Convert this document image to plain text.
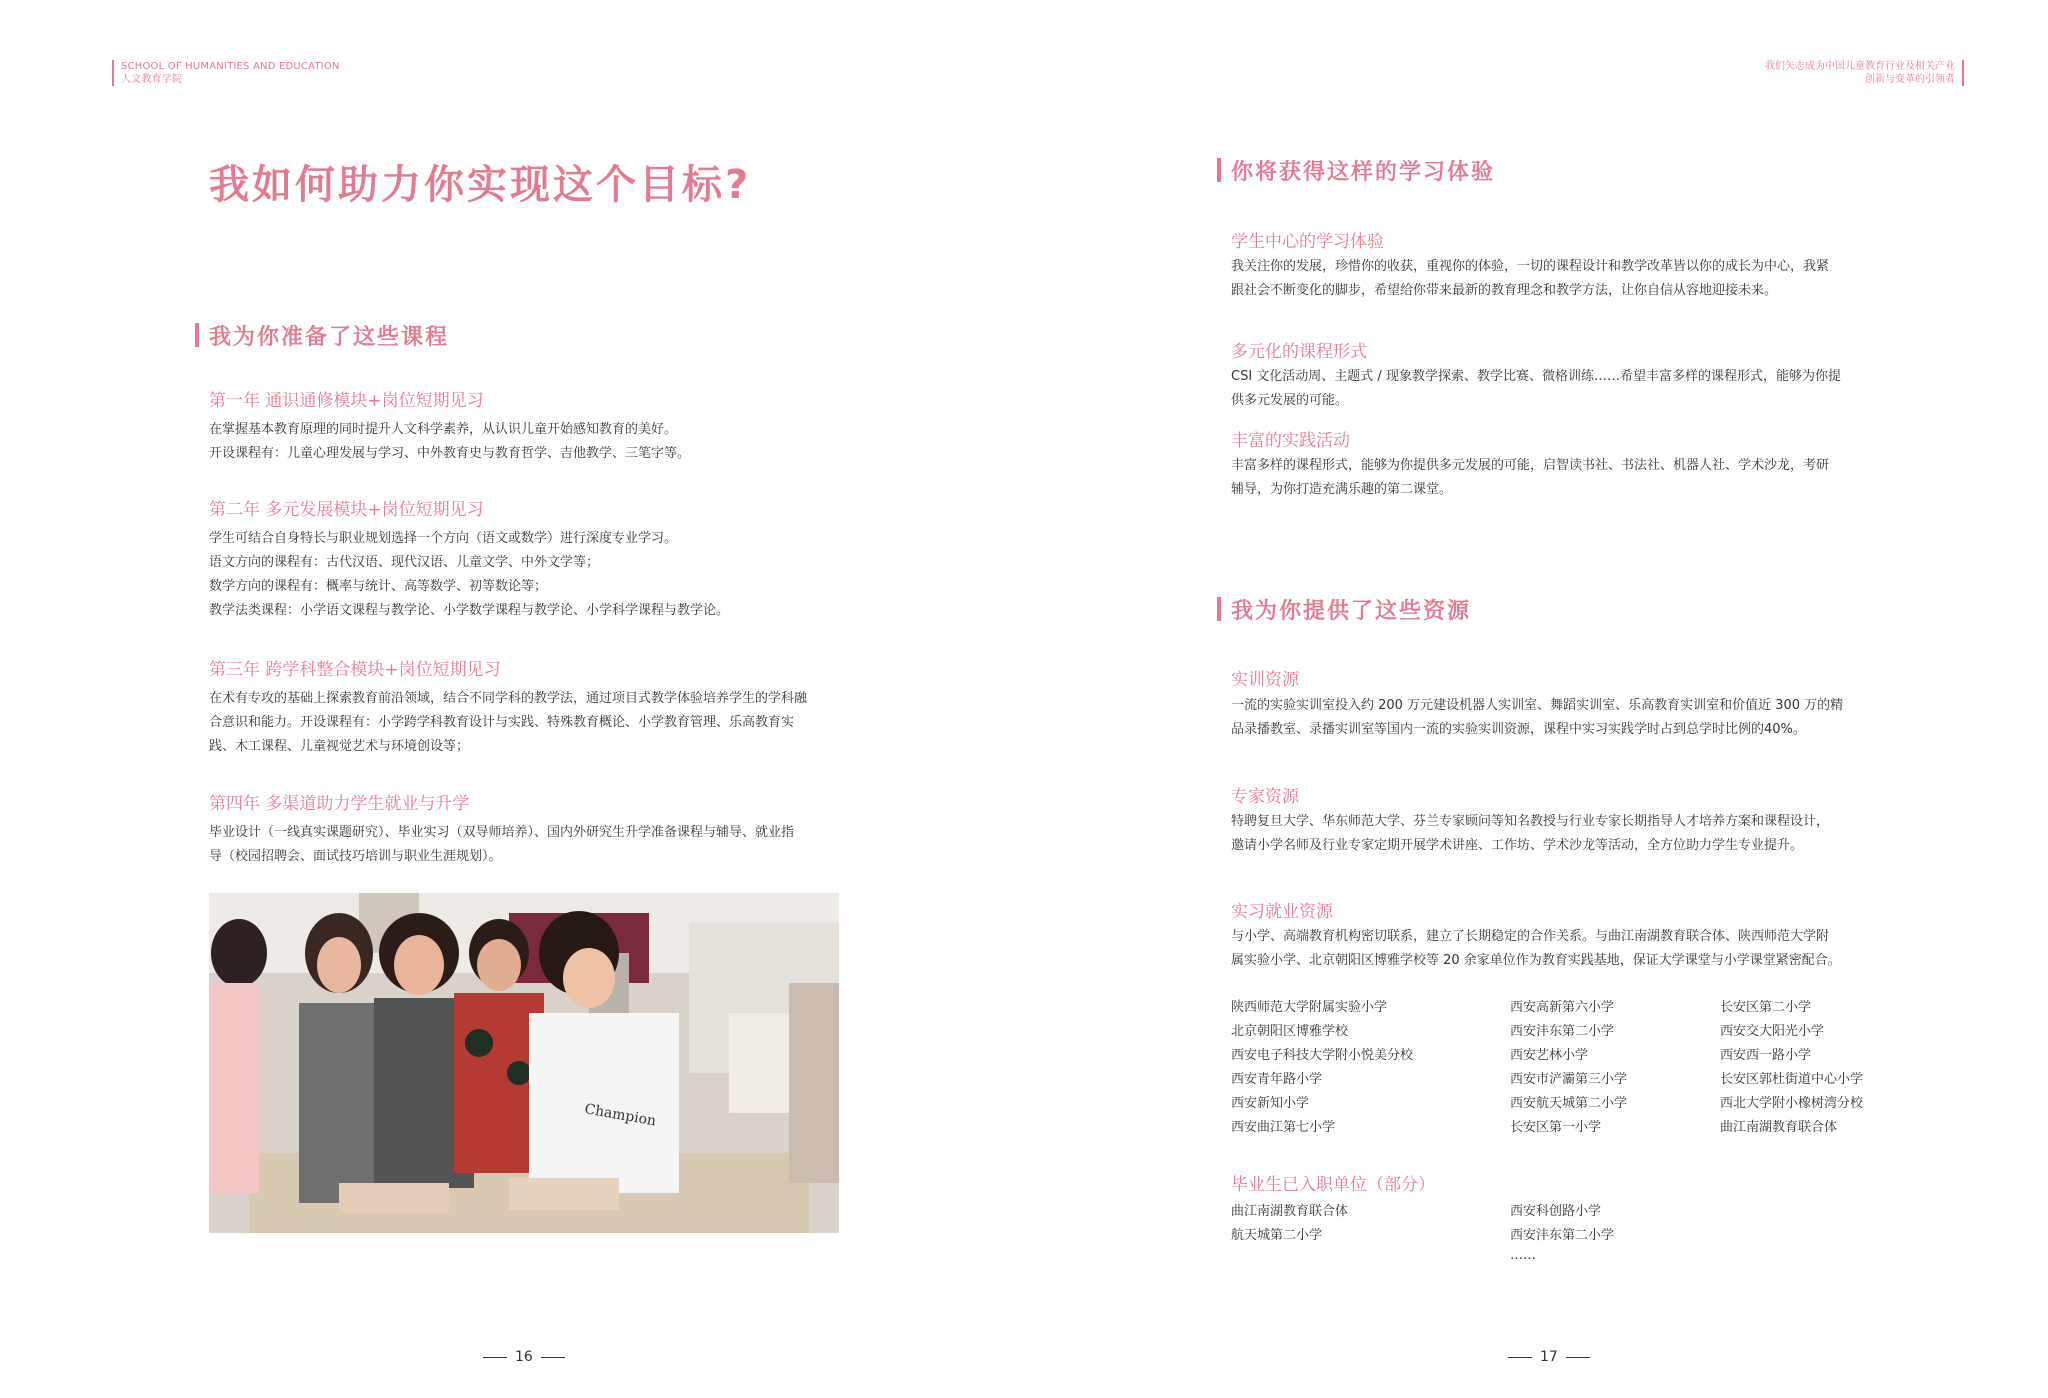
SCHOOL OF HUMANITIES AND EDUCATION
人文教育学院
我如何助力你实现这个目标?
我为你准备了这些课程
第一年 通识通修模块+岗位短期见习
在掌握基本教育原理的同时提升人文科学素养，从认识儿童开始感知教育的美好。
开设课程有：儿童心理发展与学习、中外教育史与教育哲学、吉他教学、三笔字等。
第二年 多元发展模块+岗位短期见习
学生可结合自身特长与职业规划选择一个方向（语文或数学）进行深度专业学习。
语文方向的课程有：古代汉语、现代汉语、儿童文学、中外文学等；
数学方向的课程有：概率与统计、高等数学、初等数论等；
教学法类课程：小学语文课程与教学论、小学数学课程与教学论、小学科学课程与教学论。
第三年 跨学科整合模块+岗位短期见习
在术有专攻的基础上探索教育前沿领域，结合不同学科的教学法，通过项目式教学体验培养学生的学科融
合意识和能力。开设课程有：小学跨学科教育设计与实践、特殊教育概论、小学教育管理、乐高教育实
践、木工课程、儿童视觉艺术与环境创设等；
第四年 多渠道助力学生就业与升学
毕业设计（一线真实课题研究）、毕业实习（双导师培养）、国内外研究生升学准备课程与辅导、就业指
导（校园招聘会、面试技巧培训与职业生涯规划）。
Champion
16
我们矢志成为中国儿童教育行业及相关产业
创新与变革的引领者
你将获得这样的学习体验
学生中心的学习体验
我关注你的发展，珍惜你的收获，重视你的体验，一切的课程设计和教学改革皆以你的成长为中心，我紧
跟社会不断变化的脚步，希望给你带来最新的教育理念和教学方法，让你自信从容地迎接未来。
多元化的课程形式
CSI 文化活动周、主题式 / 现象教学探索、教学比赛、微格训练……希望丰富多样的课程形式，能够为你提
供多元发展的可能。
丰富的实践活动
丰富多样的课程形式，能够为你提供多元发展的可能，启智读书社、书法社、机器人社、学术沙龙，考研
辅导，为你打造充满乐趣的第二课堂。
我为你提供了这些资源
实训资源
一流的实验实训室投入约 200 万元建设机器人实训室、舞蹈实训室、乐高教育实训室和价值近 300 万的精
品录播教室、录播实训室等国内一流的实验实训资源，课程中实习实践学时占到总学时比例的40%。
专家资源
特聘复旦大学、华东师范大学、芬兰专家顾问等知名教授与行业专家长期指导人才培养方案和课程设计，
邀请小学名师及行业专家定期开展学术讲座、工作坊、学术沙龙等活动，全方位助力学生专业提升。
实习就业资源
与小学、高端教育机构密切联系，建立了长期稳定的合作关系。与曲江南湖教育联合体、陕西师范大学附
属实验小学、北京朝阳区博雅学校等 20 余家单位作为教育实践基地，保证大学课堂与小学课堂紧密配合。
陕西师范大学附属实验小学
北京朝阳区博雅学校
西安电子科技大学附小悦美分校
西安青年路小学
西安新知小学
西安曲江第七小学
西安高新第六小学
西安沣东第二小学
西安艺林小学
西安市浐灞第三小学
西安航天城第二小学
长安区第一小学
长安区第二小学
西安交大阳光小学
西安西一路小学
长安区郭杜街道中心小学
西北大学附小橡树湾分校
曲江南湖教育联合体
毕业生已入职单位（部分）
曲江南湖教育联合体
航天城第二小学
西安科创路小学
西安沣东第二小学
……
17
